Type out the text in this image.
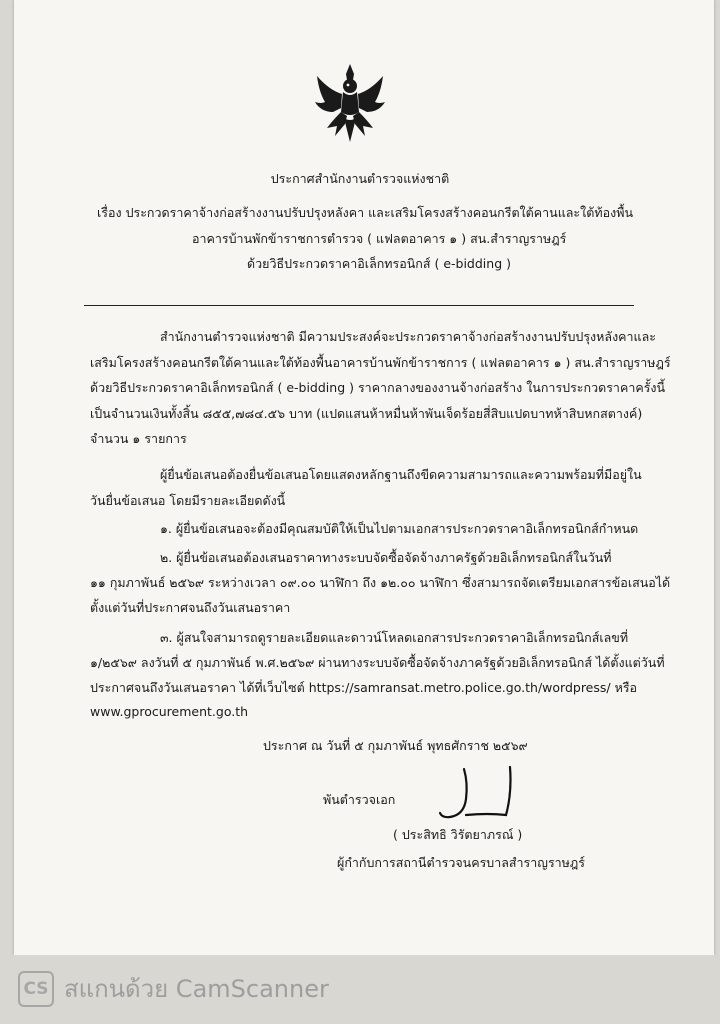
ประกาศสำนักงานตำรวจแห่งชาติ
เรื่อง ประกวดราคาจ้างก่อสร้างงานปรับปรุงหลังคา และเสริมโครงสร้างคอนกรีตใต้คานและใต้ท้องพื้น
อาคารบ้านพักข้าราชการตำรวจ ( แฟลตอาคาร ๑ ) สน.สำราญราษฎร์
ด้วยวิธีประกวดราคาอิเล็กทรอนิกส์ ( e-bidding )
สำนักงานตำรวจแห่งชาติ มีความประสงค์จะประกวดราคาจ้างก่อสร้างงานปรับปรุงหลังคาและ
เสริมโครงสร้างคอนกรีตใต้คานและใต้ท้องพื้นอาคารบ้านพักข้าราชการ ( แฟลตอาคาร ๑ ) สน.สำราญราษฎร์
ด้วยวิธีประกวดราคาอิเล็กทรอนิกส์ ( e-bidding ) ราคากลางของงานจ้างก่อสร้าง ในการประกวดราคาครั้งนี้
เป็นจำนวนเงินทั้งสิ้น ๘๕๕,๗๘๔.๕๖ บาท (แปดแสนห้าหมื่นห้าพันเจ็ดร้อยสี่สิบแปดบาทห้าสิบหกสตางค์)
จำนวน ๑ รายการ
ผู้ยื่นข้อเสนอต้องยื่นข้อเสนอโดยแสดงหลักฐานถึงขีดความสามารถและความพร้อมที่มีอยู่ใน
วันยื่นข้อเสนอ โดยมีรายละเอียดดังนี้
๑. ผู้ยื่นข้อเสนอจะต้องมีคุณสมบัติให้เป็นไปตามเอกสารประกวดราคาอิเล็กทรอนิกส์กำหนด
๒. ผู้ยื่นข้อเสนอต้องเสนอราคาทางระบบจัดซื้อจัดจ้างภาครัฐด้วยอิเล็กทรอนิกส์ในวันที่
๑๑ กุมภาพันธ์ ๒๕๖๙ ระหว่างเวลา ๐๙.๐๐ นาฬิกา ถึง ๑๒.๐๐ นาฬิกา ซึ่งสามารถจัดเตรียมเอกสารข้อเสนอได้
ตั้งแต่วันที่ประกาศจนถึงวันเสนอราคา
๓. ผู้สนใจสามารถดูรายละเอียดและดาวน์โหลดเอกสารประกวดราคาอิเล็กทรอนิกส์เลขที่
๑/๒๕๖๙ ลงวันที่ ๕ กุมภาพันธ์ พ.ศ.๒๕๖๙ ผ่านทางระบบจัดซื้อจัดจ้างภาครัฐด้วยอิเล็กทรอนิกส์ ได้ตั้งแต่วันที่
ประกาศจนถึงวันเสนอราคา ได้ที่เว็บไซต์ https://samransat.metro.police.go.th/wordpress/ หรือ
www.gprocurement.go.th
ประกาศ ณ วันที่ ๕ กุมภาพันธ์ พุทธศักราช ๒๕๖๙
พันตำรวจเอก
( ประสิทธิ วิรัตยาภรณ์ )
ผู้กำกับการสถานีตำรวจนครบาลสำราญราษฎร์
CS สแกนด้วย CamScanner
